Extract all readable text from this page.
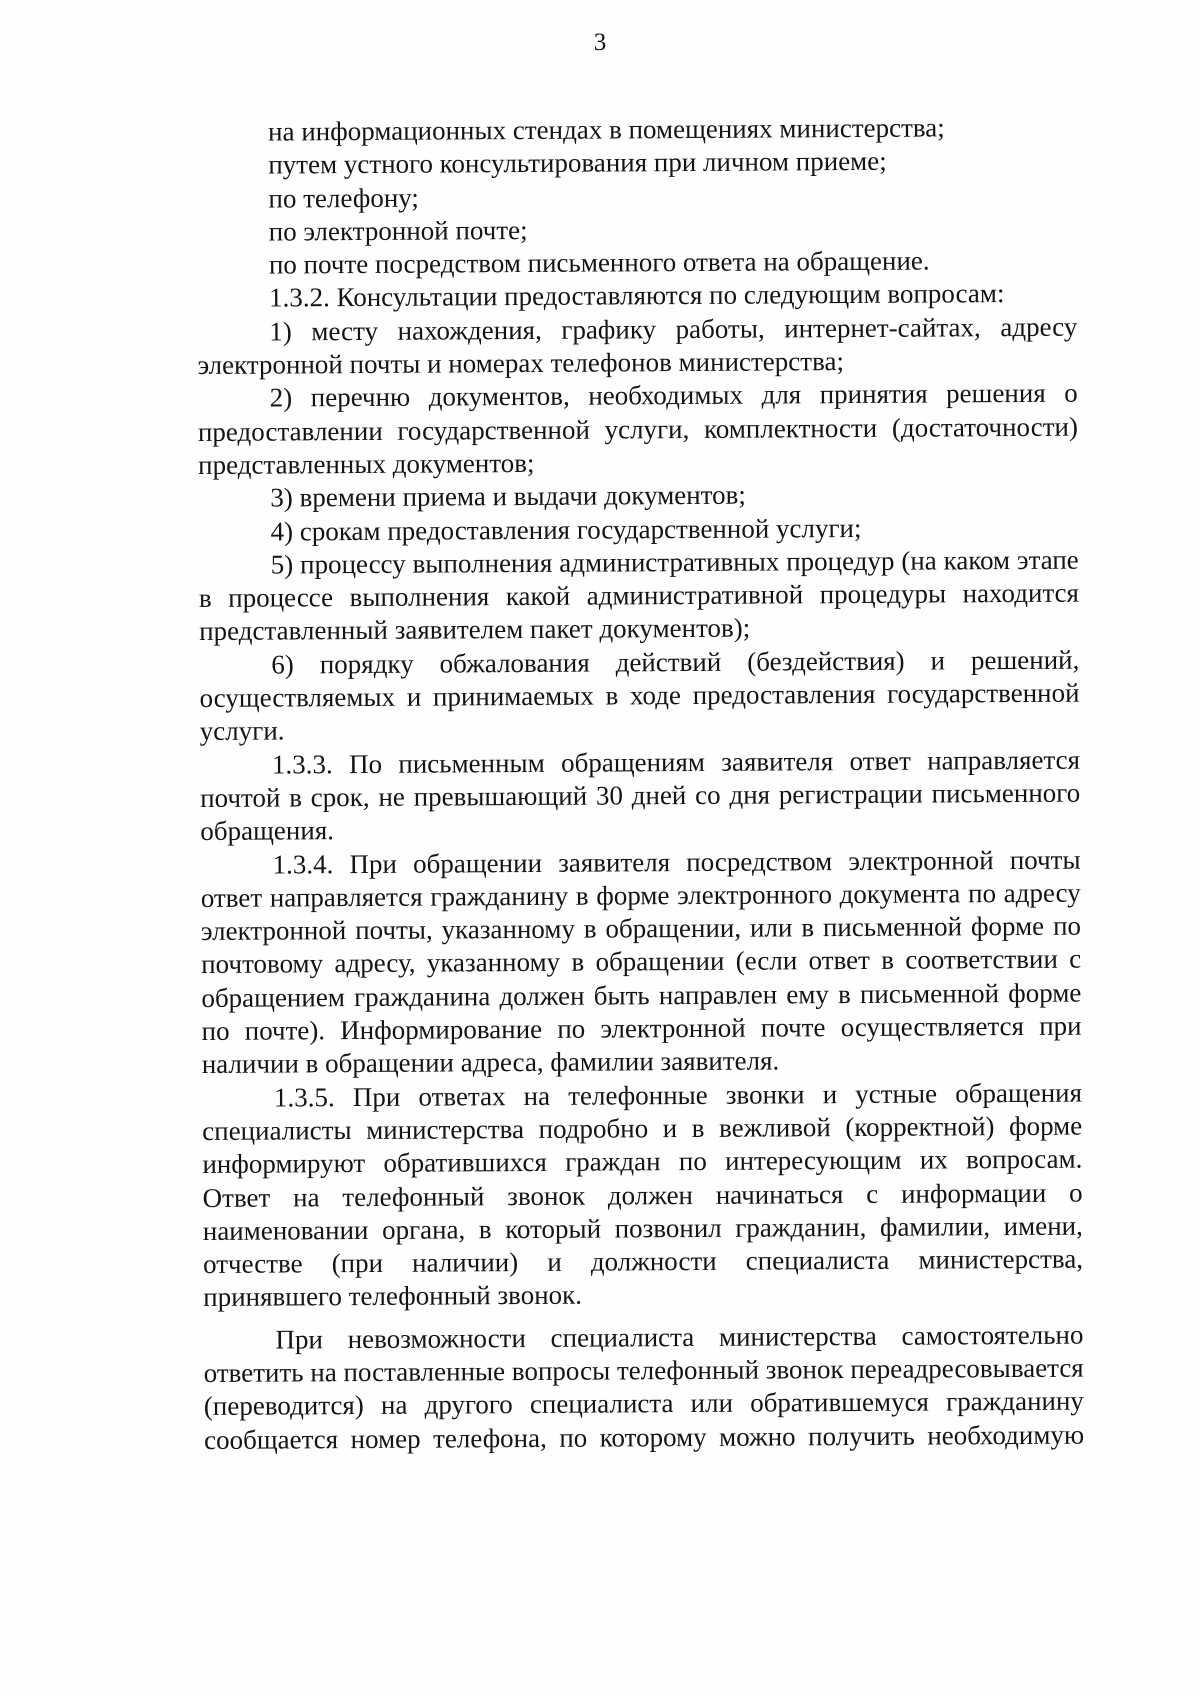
3

на информационных стендах в помещениях министерства;

путем устного консультирования при личном приеме;

по телефону;

по электронной почте;

по почте посредством письменного ответа на обращение.

1.3.2. Консультации предоставляются по следующим вопросам:

1) месту нахождения, графику работы, интернет-сайтах, адресу электронной почты и номерах телефонов министерства;

2) перечню документов, необходимых для принятия решения о предоставлении государственной услуги, комплектности (достаточности) представленных документов;

3) времени приема и выдачи документов;

4) срокам предоставления государственной услуги;

5) процессу выполнения административных процедур (на каком этапе в процессе выполнения какой административной процедуры находится представленный заявителем пакет документов);

6) порядку обжалования действий (бездействия) и решений, осуществляемых и принимаемых в ходе предоставления государственной услуги.

1.3.3. По письменным обращениям заявителя ответ направляется почтой в срок, не превышающий 30 дней со дня регистрации письменного обращения.

1.3.4. При обращении заявителя посредством электронной почты ответ направляется гражданину в форме электронного документа по адресу электронной почты, указанному в обращении, или в письменной форме по почтовому адресу, указанному в обращении (если ответ в соответствии с обращением гражданина должен быть направлен ему в письменной форме по почте). Информирование по электронной почте осуществляется при наличии в обращении адреса, фамилии заявителя.

1.3.5. При ответах на телефонные звонки и устные обращения специалисты министерства подробно и в вежливой (корректной) форме информируют обратившихся граждан по интересующим их вопросам. Ответ на телефонный звонок должен начинаться с информации о наименовании органа, в который позвонил гражданин, фамилии, имени, отчестве (при наличии) и должности специалиста министерства, принявшего телефонный звонок.

При невозможности специалиста министерства самостоятельно ответить на поставленные вопросы телефонный звонок переадресовывается (переводится) на другого специалиста или обратившемуся гражданину сообщается номер телефона, по которому можно получить необходимую
